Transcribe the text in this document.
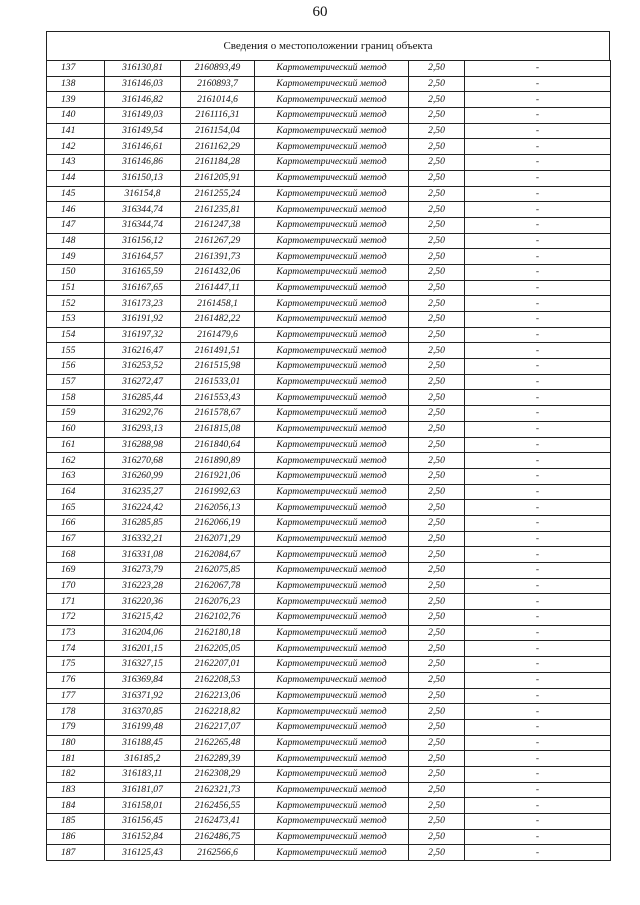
60
Сведения о местоположении границ объекта
137	316130,81	2160893,49	Картометрический метод	2,50	-
138	316146,03	2160893,7	Картометрический метод	2,50	-
139	316146,82	2161014,6	Картометрический метод	2,50	-
140	316149,03	2161116,31	Картометрический метод	2,50	-
141	316149,54	2161154,04	Картометрический метод	2,50	-
142	316146,61	2161162,29	Картометрический метод	2,50	-
143	316146,86	2161184,28	Картометрический метод	2,50	-
144	316150,13	2161205,91	Картометрический метод	2,50	-
145	316154,8	2161255,24	Картометрический метод	2,50	-
146	316344,74	2161235,81	Картометрический метод	2,50	-
147	316344,74	2161247,38	Картометрический метод	2,50	-
148	316156,12	2161267,29	Картометрический метод	2,50	-
149	316164,57	2161391,73	Картометрический метод	2,50	-
150	316165,59	2161432,06	Картометрический метод	2,50	-
151	316167,65	2161447,11	Картометрический метод	2,50	-
152	316173,23	2161458,1	Картометрический метод	2,50	-
153	316191,92	2161482,22	Картометрический метод	2,50	-
154	316197,32	2161479,6	Картометрический метод	2,50	-
155	316216,47	2161491,51	Картометрический метод	2,50	-
156	316253,52	2161515,98	Картометрический метод	2,50	-
157	316272,47	2161533,01	Картометрический метод	2,50	-
158	316285,44	2161553,43	Картометрический метод	2,50	-
159	316292,76	2161578,67	Картометрический метод	2,50	-
160	316293,13	2161815,08	Картометрический метод	2,50	-
161	316288,98	2161840,64	Картометрический метод	2,50	-
162	316270,68	2161890,89	Картометрический метод	2,50	-
163	316260,99	2161921,06	Картометрический метод	2,50	-
164	316235,27	2161992,63	Картометрический метод	2,50	-
165	316224,42	2162056,13	Картометрический метод	2,50	-
166	316285,85	2162066,19	Картометрический метод	2,50	-
167	316332,21	2162071,29	Картометрический метод	2,50	-
168	316331,08	2162084,67	Картометрический метод	2,50	-
169	316273,79	2162075,85	Картометрический метод	2,50	-
170	316223,28	2162067,78	Картометрический метод	2,50	-
171	316220,36	2162076,23	Картометрический метод	2,50	-
172	316215,42	2162102,76	Картометрический метод	2,50	-
173	316204,06	2162180,18	Картометрический метод	2,50	-
174	316201,15	2162205,05	Картометрический метод	2,50	-
175	316327,15	2162207,01	Картометрический метод	2,50	-
176	316369,84	2162208,53	Картометрический метод	2,50	-
177	316371,92	2162213,06	Картометрический метод	2,50	-
178	316370,85	2162218,82	Картометрический метод	2,50	-
179	316199,48	2162217,07	Картометрический метод	2,50	-
180	316188,45	2162265,48	Картометрический метод	2,50	-
181	316185,2	2162289,39	Картометрический метод	2,50	-
182	316183,11	2162308,29	Картометрический метод	2,50	-
183	316181,07	2162321,73	Картометрический метод	2,50	-
184	316158,01	2162456,55	Картометрический метод	2,50	-
185	316156,45	2162473,41	Картометрический метод	2,50	-
186	316152,84	2162486,75	Картометрический метод	2,50	-
187	316125,43	2162566,6	Картометрический метод	2,50	-
